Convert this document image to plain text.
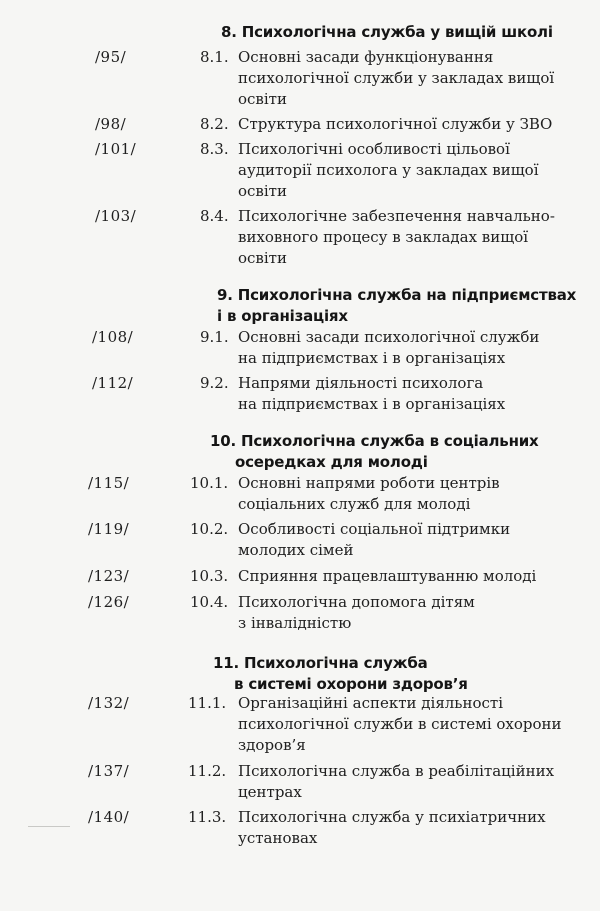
8. Психологічна служба у вищій школі
/95/	8.1. Основні засади функціонування
психологічної служби у закладах вищої
освіти
/98/	8.2. Структура психологічної служби у ЗВО
/101/	8.3. Психологічні особливості цільової
аудиторії психолога у закладах вищої
освіти
/103/	8.4. Психологічне забезпечення навчально-
виховного процесу в закладах вищої
освіти
9. Психологічна служба на підприємствах
і в організаціях
/108/	9.1. Основні засади психологічної служби
на підприємствах і в організаціях
/112/	9.2. Напрями діяльності психолога
на підприємствах і в організаціях
10. Психологічна служба в соціальних
осередках для молоді
/115/	10.1. Основні напрями роботи центрів
соціальних служб для молоді
/119/	10.2. Особливості соціальної підтримки
молодих сімей
/123/	10.3. Сприяння працевлаштуванню молоді
/126/	10.4. Психологічна допомога дітям
з інвалідністю
11. Психологічна служба
в системі охорони здоров’я
/132/	11.1. Організаційні аспекти діяльності
психологічної служби в системі охорони
здоров’я
/137/	11.2. Психологічна служба в реабілітаційних
центрах
/140/	11.3. Психологічна служба у психіатричних
установах
